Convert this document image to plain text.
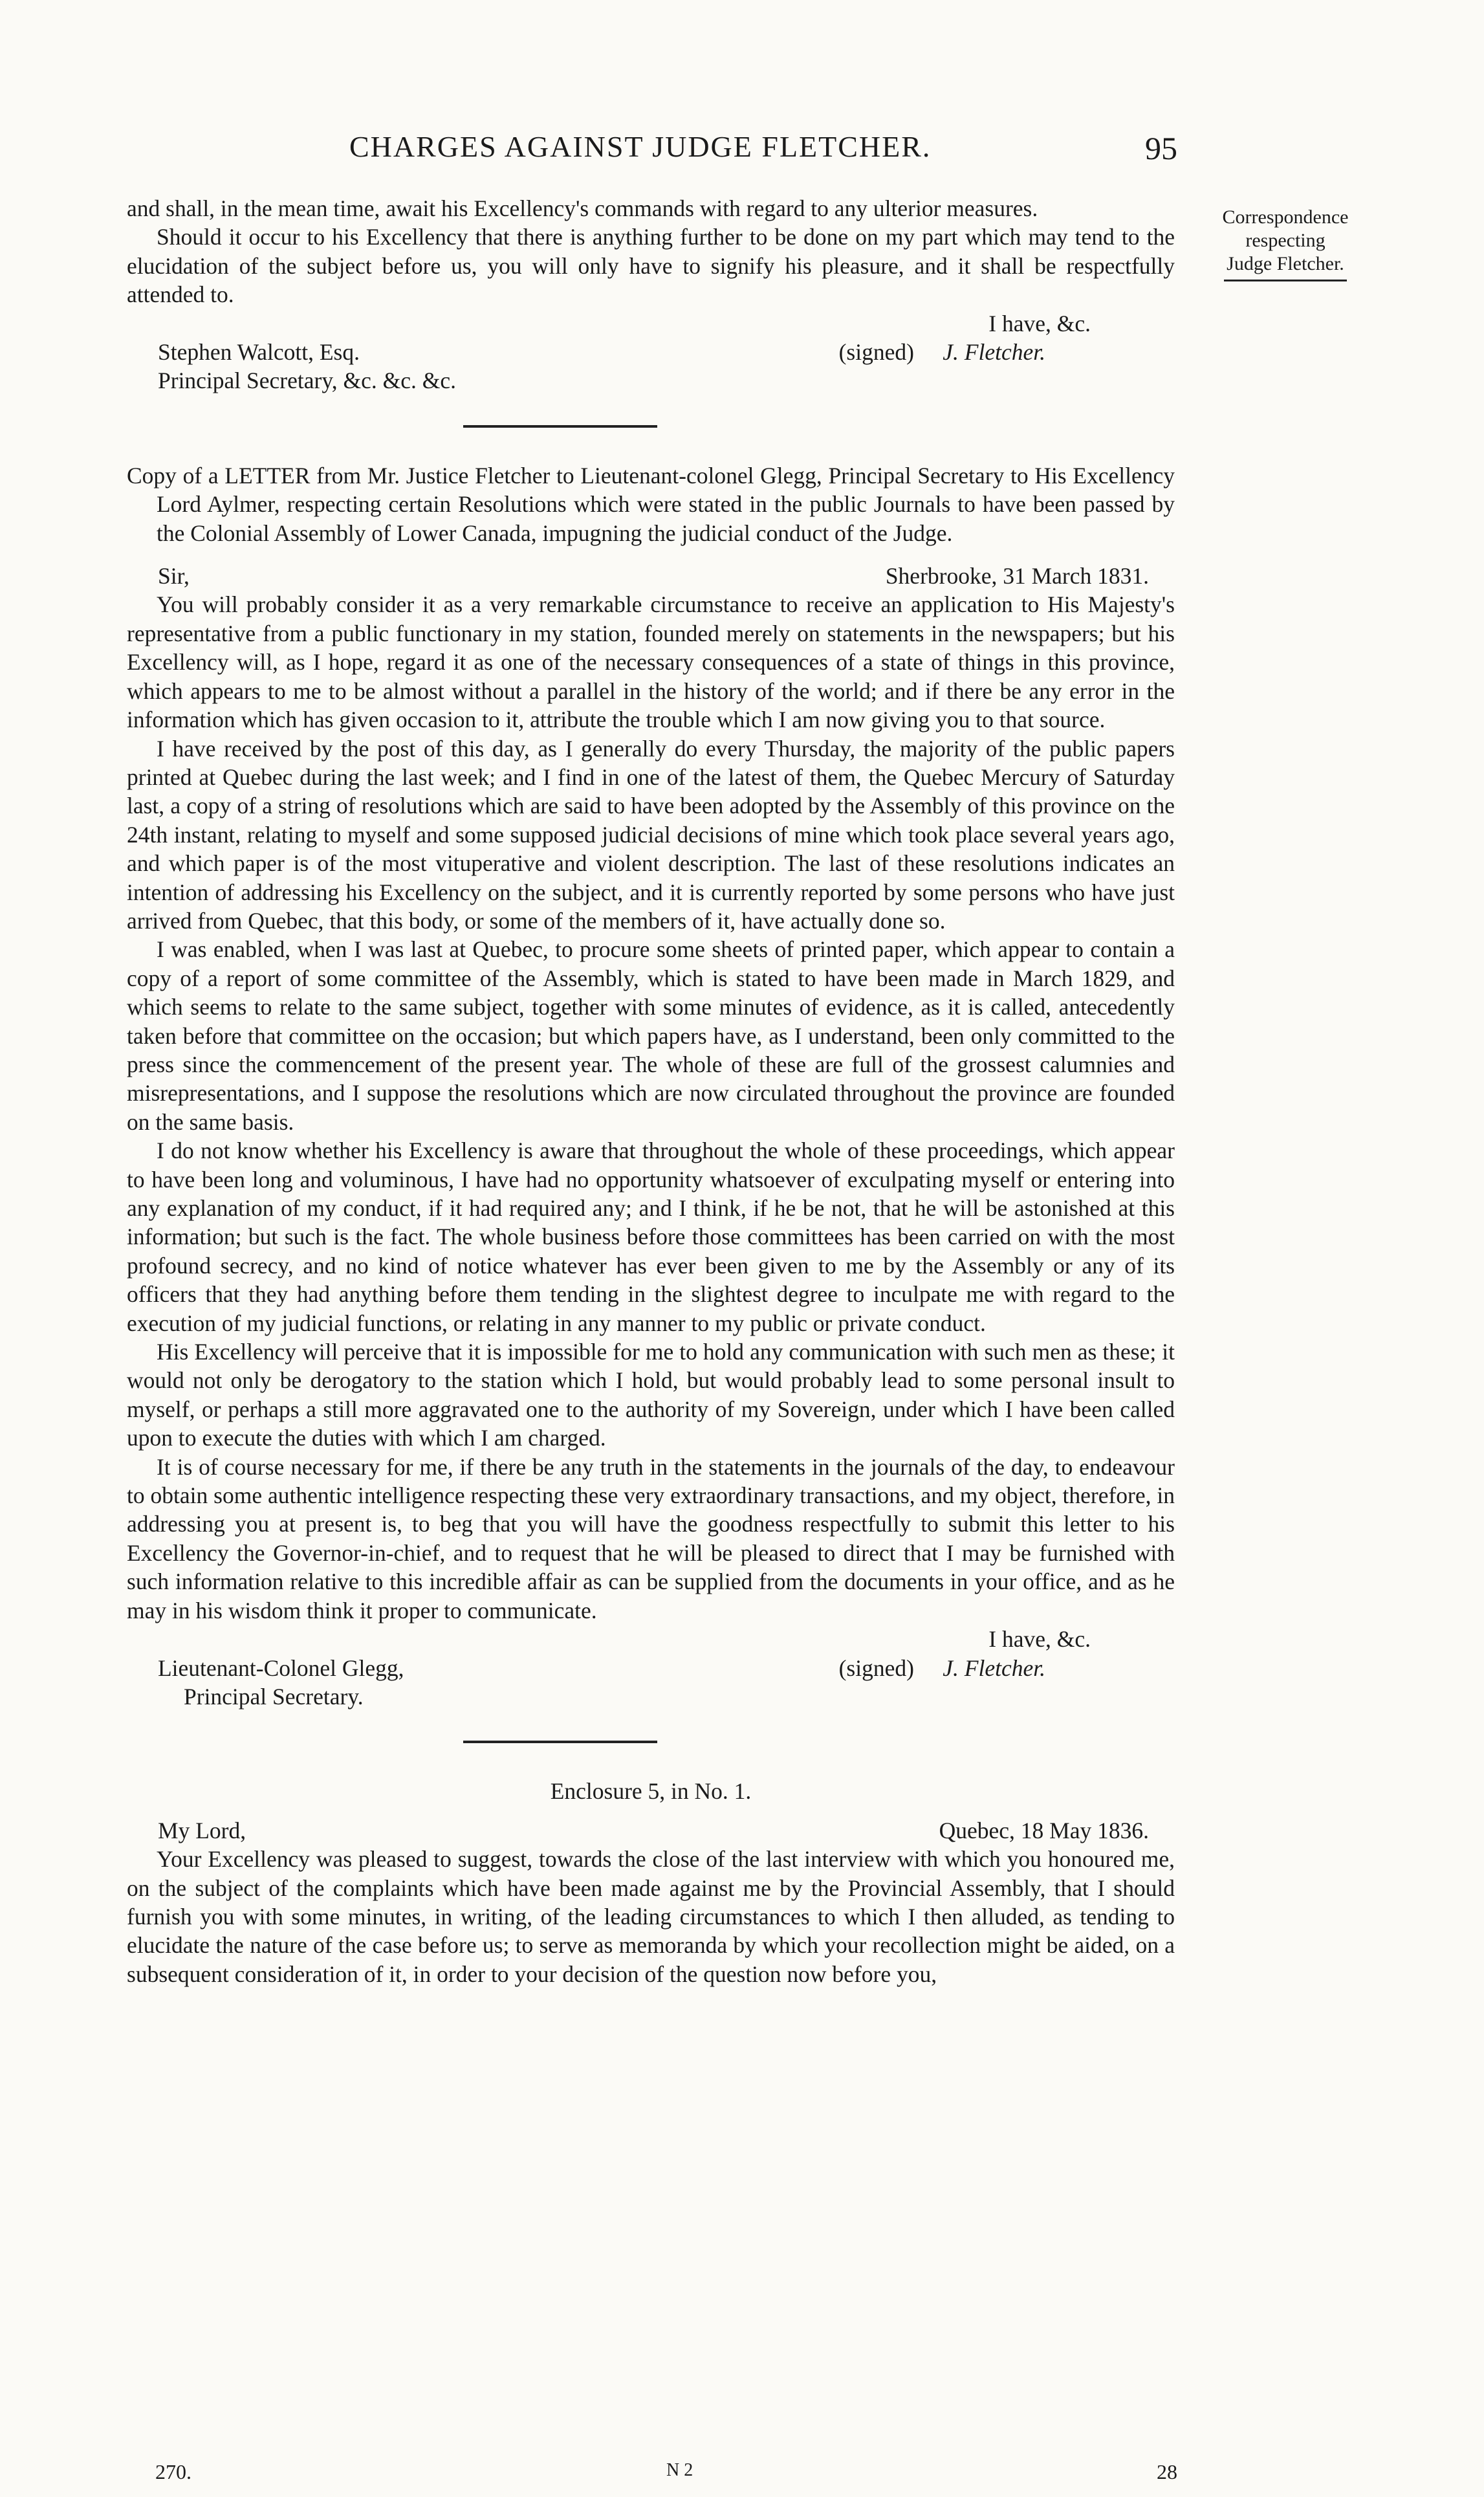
CHARGES AGAINST JUDGE FLETCHER.	95
Correspondence
respecting
Judge Fletcher.

and shall, in the mean time, await his Excellency's commands with regard to any ulterior measures.

Should it occur to his Excellency that there is anything further to be done on my part which may tend to the elucidation of the subject before us, you will only have to signify his pleasure, and it shall be respectfully attended to.

I have, &c.

Stephen Walcott, Esq.	(signed) J. Fletcher.

Principal Secretary, &c. &c. &c.

Copy of a LETTER from Mr. Justice Fletcher to Lieutenant-colonel Glegg, Principal Secretary to His Excellency Lord Aylmer, respecting certain Resolutions which were stated in the public Journals to have been passed by the Colonial Assembly of Lower Canada, impugning the judicial conduct of the Judge.

Sir,	Sherbrooke, 31 March 1831.

You will probably consider it as a very remarkable circumstance to receive an application to His Majesty's representative from a public functionary in my station, founded merely on statements in the newspapers; but his Excellency will, as I hope, regard it as one of the necessary consequences of a state of things in this province, which appears to me to be almost without a parallel in the history of the world; and if there be any error in the information which has given occasion to it, attribute the trouble which I am now giving you to that source.

I have received by the post of this day, as I generally do every Thursday, the majority of the public papers printed at Quebec during the last week; and I find in one of the latest of them, the Quebec Mercury of Saturday last, a copy of a string of resolutions which are said to have been adopted by the Assembly of this province on the 24th instant, relating to myself and some supposed judicial decisions of mine which took place several years ago, and which paper is of the most vituperative and violent description. The last of these resolutions indicates an intention of addressing his Excellency on the subject, and it is currently reported by some persons who have just arrived from Quebec, that this body, or some of the members of it, have actually done so.

I was enabled, when I was last at Quebec, to procure some sheets of printed paper, which appear to contain a copy of a report of some committee of the Assembly, which is stated to have been made in March 1829, and which seems to relate to the same subject, together with some minutes of evidence, as it is called, antecedently taken before that committee on the occasion; but which papers have, as I understand, been only committed to the press since the commencement of the present year. The whole of these are full of the grossest calumnies and misrepresentations, and I suppose the resolutions which are now circulated throughout the province are founded on the same basis.

I do not know whether his Excellency is aware that throughout the whole of these proceedings, which appear to have been long and voluminous, I have had no opportunity whatsoever of exculpating myself or entering into any explanation of my conduct, if it had required any; and I think, if he be not, that he will be astonished at this information; but such is the fact. The whole business before those committees has been carried on with the most profound secrecy, and no kind of notice whatever has ever been given to me by the Assembly or any of its officers that they had anything before them tending in the slightest degree to inculpate me with regard to the execution of my judicial functions, or relating in any manner to my public or private conduct.

His Excellency will perceive that it is impossible for me to hold any communication with such men as these; it would not only be derogatory to the station which I hold, but would probably lead to some personal insult to myself, or perhaps a still more aggravated one to the authority of my Sovereign, under which I have been called upon to execute the duties with which I am charged.

It is of course necessary for me, if there be any truth in the statements in the journals of the day, to endeavour to obtain some authentic intelligence respecting these very extraordinary transactions, and my object, therefore, in addressing you at present is, to beg that you will have the goodness respectfully to submit this letter to his Excellency the Governor-in-chief, and to request that he will be pleased to direct that I may be furnished with such information relative to this incredible affair as can be supplied from the documents in your office, and as he may in his wisdom think it proper to communicate.

I have, &c.

Lieutenant-Colonel Glegg,	(signed) J. Fletcher.

Principal Secretary.

Enclosure 5, in No. 1.

My Lord,	Quebec, 18 May 1836.

Your Excellency was pleased to suggest, towards the close of the last interview with which you honoured me, on the subject of the complaints which have been made against me by the Provincial Assembly, that I should furnish you with some minutes, in writing, of the leading circumstances to which I then alluded, as tending to elucidate the nature of the case before us; to serve as memoranda by which your recollection might be aided, on a subsequent consideration of it, in order to your decision of the question now before you,

270.	N 2	28
